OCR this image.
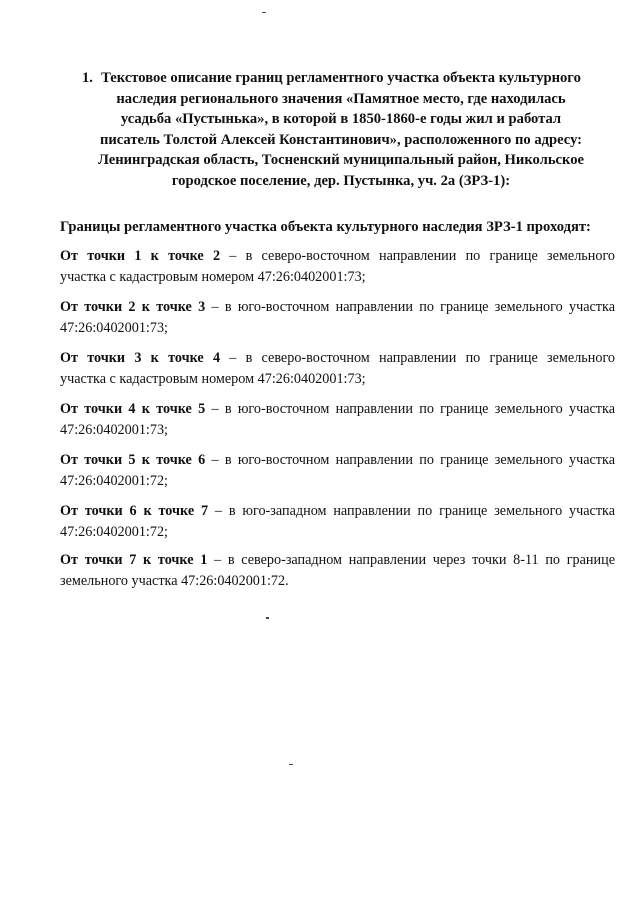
1. Текстовое описание границ регламентного участка объекта культурного
наследия регионального значения «Памятное место, где находилась
усадьба «Пустынька», в которой в 1850-1860-е годы жил и работал
писатель Толстой Алексей Константинович», расположенного по адресу:
Ленинградская область, Тосненский муниципальный район, Никольское
городское поселение, дер. Пустынка, уч. 2а (ЗРЗ-1):
Границы регламентного участка объекта культурного наследия ЗРЗ-1 проходят:
От точки 1 к точке 2 – в северо-восточном направлении по границе земельного
участка с кадастровым номером 47:26:0402001:73;
От точки 2 к точке 3 – в юго-восточном направлении по границе земельного участка
47:26:0402001:73;
От точки 3 к точке 4 – в северо-восточном направлении по границе земельного
участка с кадастровым номером 47:26:0402001:73;
От точки 4 к точке 5 – в юго-восточном направлении по границе земельного участка
47:26:0402001:73;
От точки 5 к точке 6 – в юго-восточном направлении по границе земельного участка
47:26:0402001:72;
От точки 6 к точке 7 – в юго-западном направлении по границе земельного участка
47:26:0402001:72;
От точки 7 к точке 1 – в северо-западном направлении через точки 8-11 по границе
земельного участка 47:26:0402001:72.
